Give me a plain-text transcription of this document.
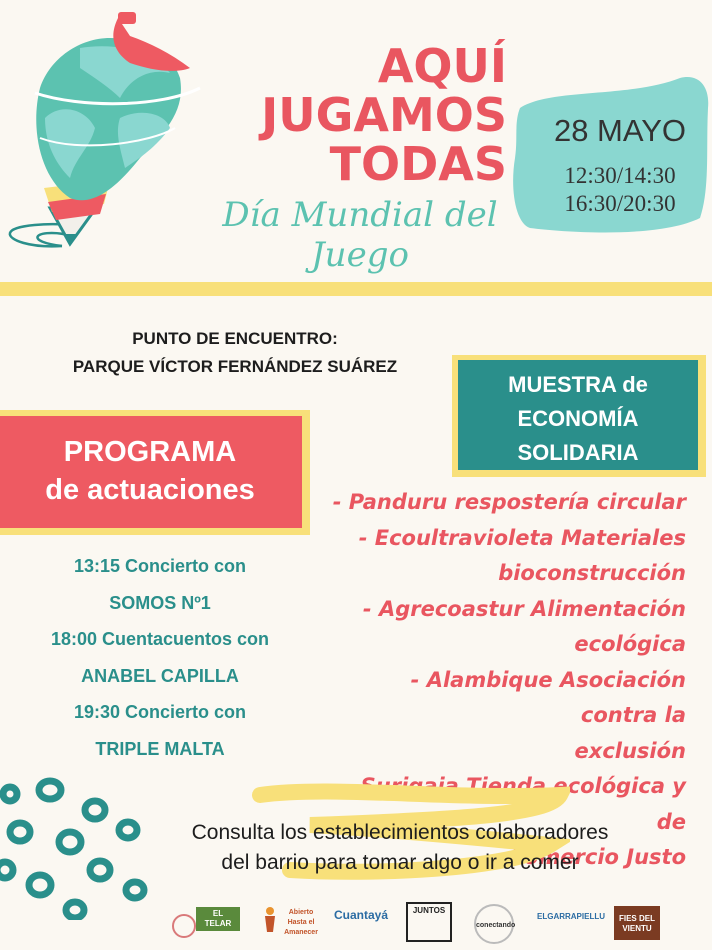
AQUÍ
JUGAMOS
TODAS
Día Mundial del Juego
28 MAYO
12:30/14:30
16:30/20:30
PUNTO DE ENCUENTRO:
PARQUE VÍCTOR FERNÁNDEZ SUÁREZ
MUESTRA de
ECONOMÍA
SOLIDARIA
PROGRAMA
de actuaciones
13:15 Concierto con
SOMOS Nº1
18:00 Cuentacuentos con
ANABEL CAPILLA
19:30 Concierto con
TRIPLE MALTA
- Panduru respostería circular
- Ecoultravioleta Materiales
bioconstrucción
- Agrecoastur Alimentación
ecológica
- Alambique Asociación contra la
exclusión
- Surigaia Tienda ecológica y de
Comercio Justo
Consulta los establecimientos colaboradores
del barrio para tomar algo o ir a comer
EL TELAR
Abierto Hasta el Amanecer
Cuantayá	JUNTOS
conectando
ELGARRAPIELLU	FIES DEL VIENTU
